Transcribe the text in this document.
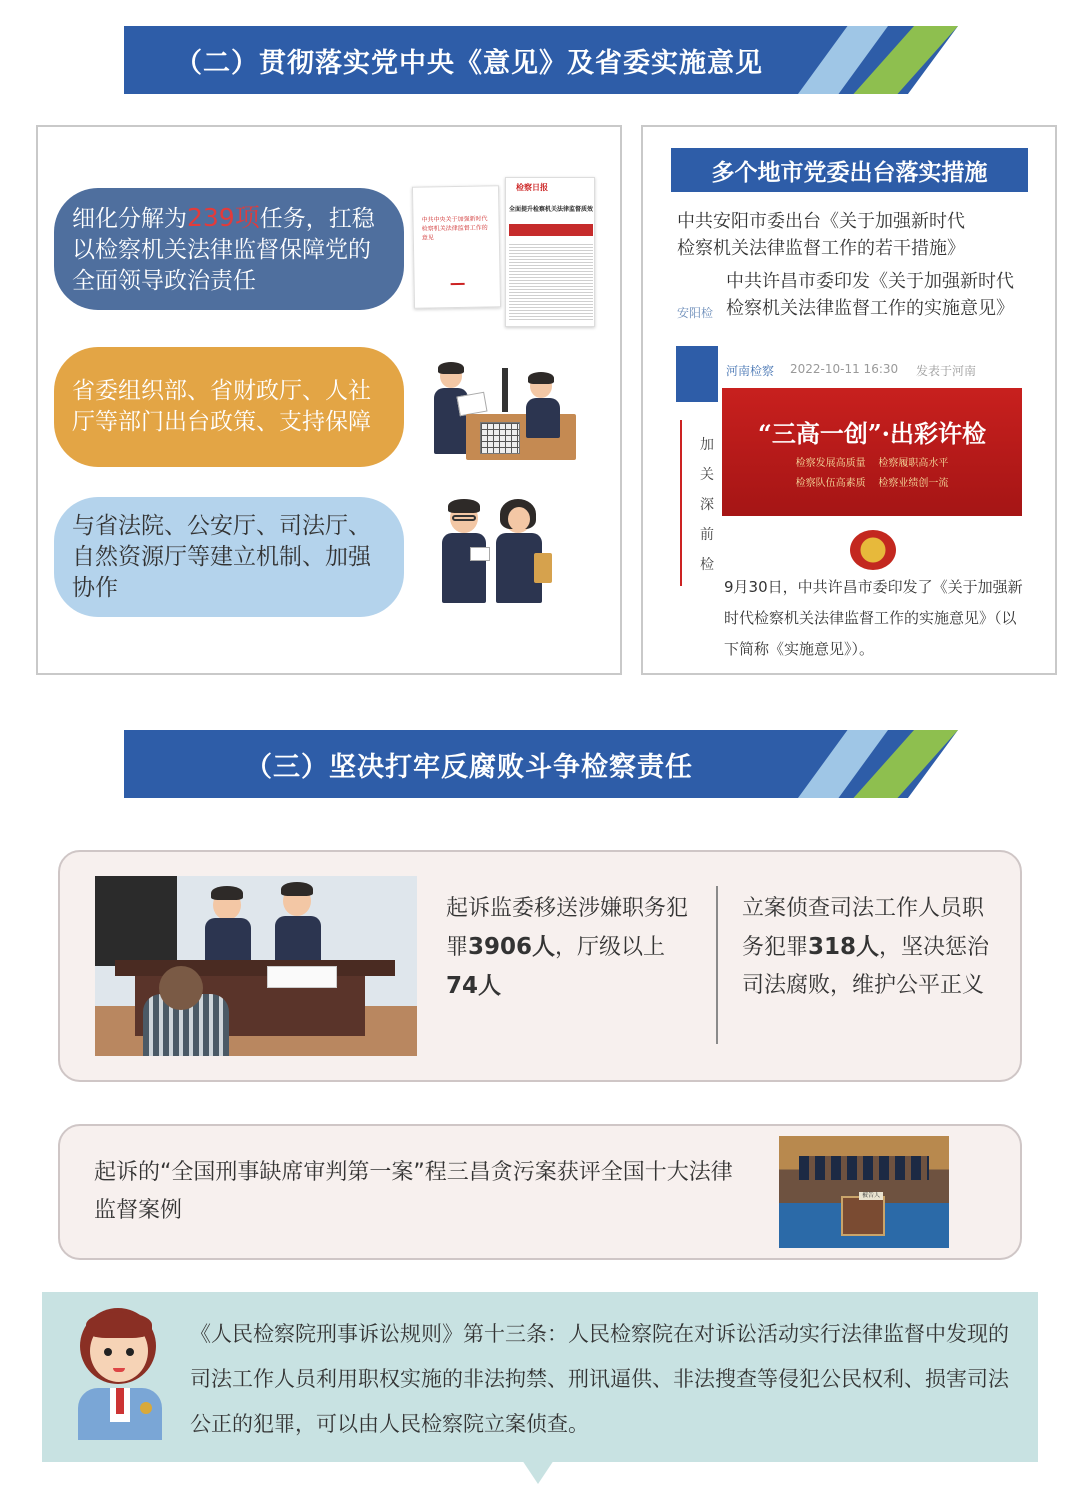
（二）贯彻落实党中央《意见》及省委实施意见
细化分解为239项任务，扛稳以检察机关法律监督保障党的全面领导政治责任
中共中央关于加强新时代检察机关法律监督工作的意见
检察日报
全面提升检察机关法律监督质效
省委组织部、省财政厅、人社厅等部门出台政策、支持保障
与省法院、公安厅、司法厅、自然资源厅等建立机制、加强协作
多个地市党委出台落实措施
中共安阳市委出台《关于加强新时代检察机关法律监督工作的若干措施》
安阳检
中共许昌市委印发《关于加强新时代检察机关法律监督工作的实施意见》
河南检察 2022-10-11 16:30 发表于河南
“三高一创”·出彩许检
检察发展高质量    检察履职高水平
检察队伍高素质    检察业绩创一流
加
关
深
前
检
9月30日，中共许昌市委印发了《关于加强新时代检察机关法律监督工作的实施意见》（以下简称《实施意见》）。
（三）坚决打牢反腐败斗争检察责任
起诉监委移送涉嫌职务犯罪3906人，厅级以上74人
立案侦查司法工作人员职务犯罪318人，坚决惩治司法腐败，维护公平正义
起诉的“全国刑事缺席审判第一案”程三昌贪污案获评全国十大法律监督案例
被告人
《人民检察院刑事诉讼规则》第十三条：人民检察院在对诉讼活动实行法律监督中发现的司法工作人员利用职权实施的非法拘禁、刑讯逼供、非法搜查等侵犯公民权利、损害司法公正的犯罪，可以由人民检察院立案侦查。
